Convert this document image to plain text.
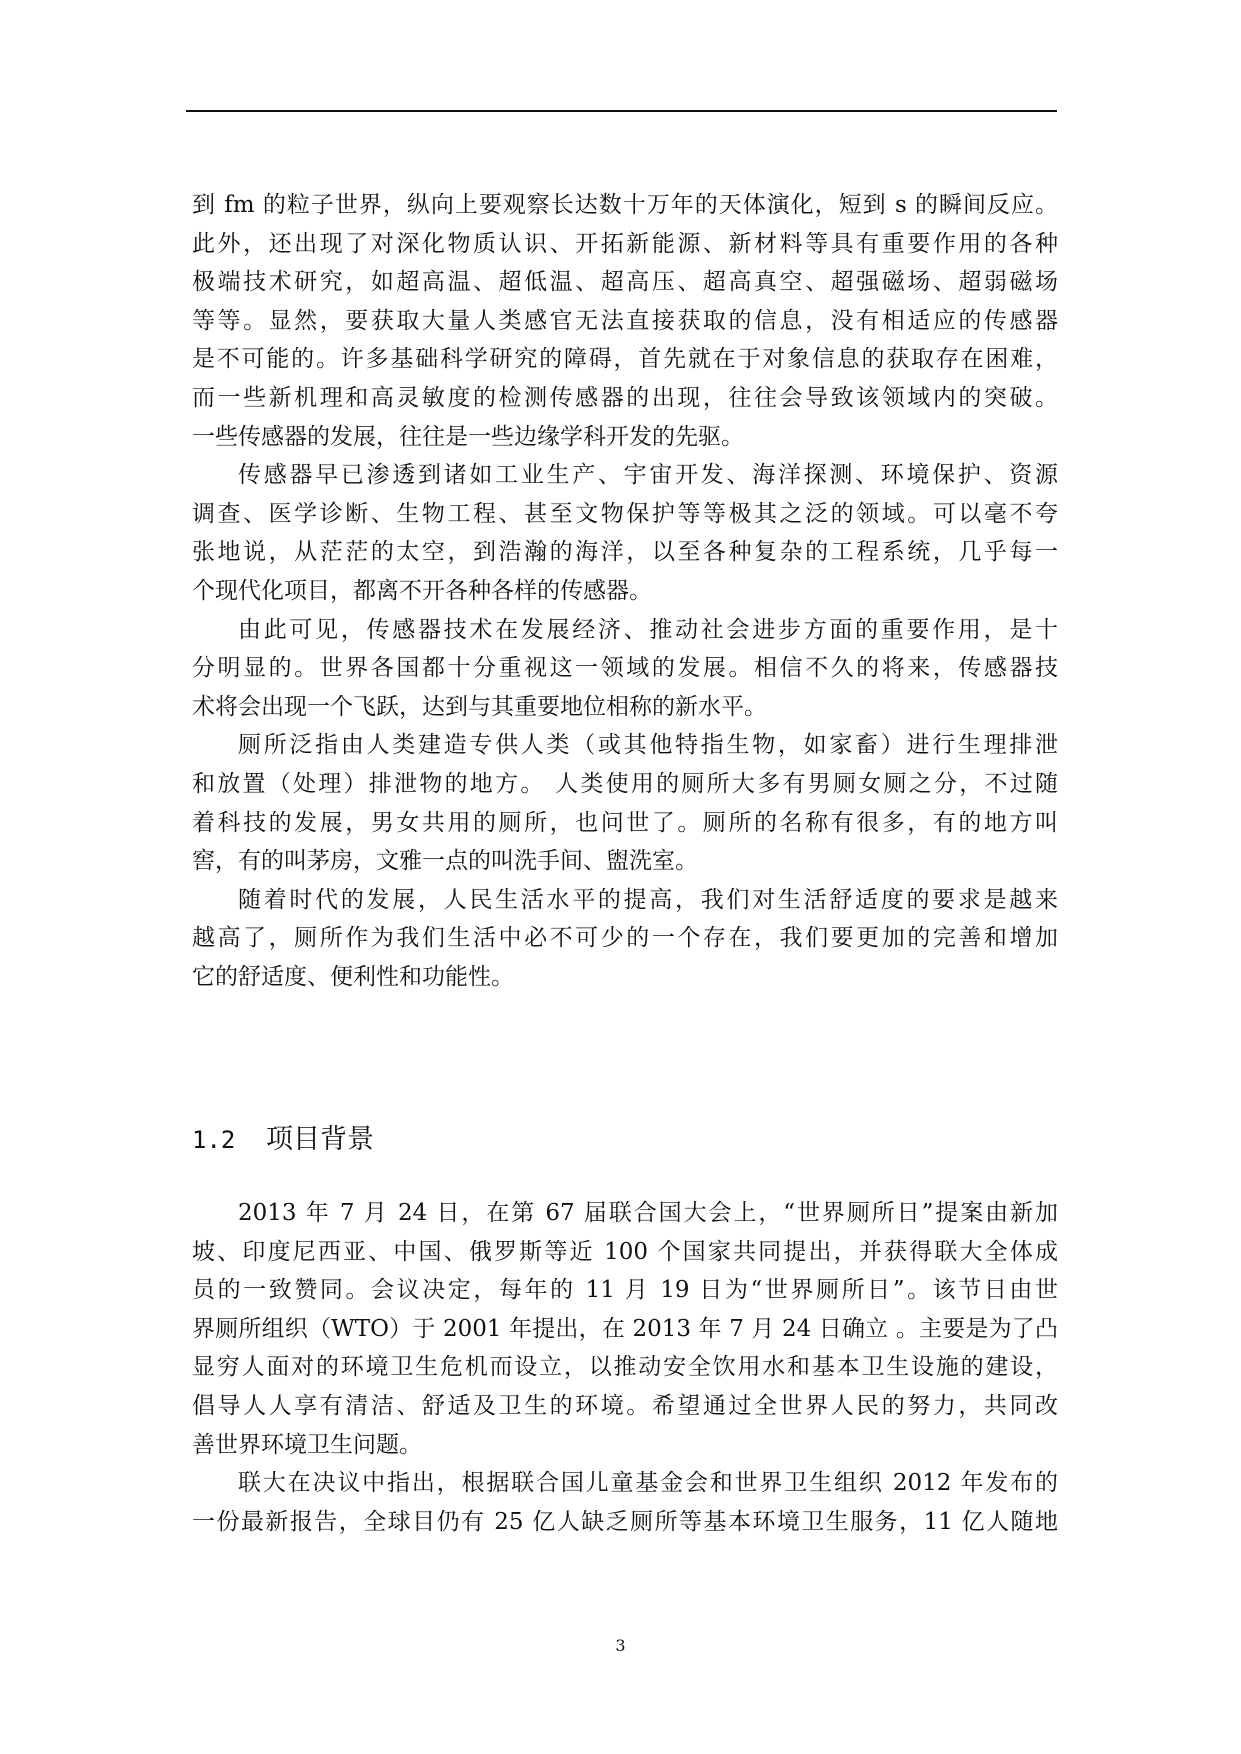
到 fm 的粒子世界，纵向上要观察长达数十万年的天体演化，短到 s 的瞬间反应。
此外，还出现了对深化物质认识、开拓新能源、新材料等具有重要作用的各种
极端技术研究，如超高温、超低温、超高压、超高真空、超强磁场、超弱磁场
等等。显然，要获取大量人类感官无法直接获取的信息，没有相适应的传感器
是不可能的。许多基础科学研究的障碍，首先就在于对象信息的获取存在困难，
而一些新机理和高灵敏度的检测传感器的出现，往往会导致该领域内的突破。
一些传感器的发展，往往是一些边缘学科开发的先驱。
传感器早已渗透到诸如工业生产、宇宙开发、海洋探测、环境保护、资源
调查、医学诊断、生物工程、甚至文物保护等等极其之泛的领域。可以毫不夸
张地说，从茫茫的太空，到浩瀚的海洋，以至各种复杂的工程系统，几乎每一
个现代化项目，都离不开各种各样的传感器。
由此可见，传感器技术在发展经济、推动社会进步方面的重要作用，是十
分明显的。世界各国都十分重视这一领域的发展。相信不久的将来，传感器技
术将会出现一个飞跃，达到与其重要地位相称的新水平。
厕所泛指由人类建造专供人类（或其他特指生物，如家畜）进行生理排泄
和放置（处理）排泄物的地方。 人类使用的厕所大多有男厕女厕之分，不过随
着科技的发展，男女共用的厕所，也问世了。厕所的名称有很多，有的地方叫
窖，有的叫茅房，文雅一点的叫洗手间、盥洗室。
随着时代的发展，人民生活水平的提高，我们对生活舒适度的要求是越来
越高了，厕所作为我们生活中必不可少的一个存在，我们要更加的完善和增加
它的舒适度、便利性和功能性。
1.2 项目背景
2013 年 7 月 24 日，在第 67 届联合国大会上，“世界厕所日”提案由新加
坡、印度尼西亚、中国、俄罗斯等近 100 个国家共同提出，并获得联大全体成
员的一致赞同。会议决定，每年的 11 月 19 日为“世界厕所日”。该节日由世
界厕所组织（WTO）于 2001 年提出，在 2013 年 7 月 24 日确立 。主要是为了凸
显穷人面对的环境卫生危机而设立，以推动安全饮用水和基本卫生设施的建设，
倡导人人享有清洁、舒适及卫生的环境。希望通过全世界人民的努力，共同改
善世界环境卫生问题。
联大在决议中指出，根据联合国儿童基金会和世界卫生组织 2012 年发布的
一份最新报告，全球目仍有 25 亿人缺乏厕所等基本环境卫生服务，11 亿人随地
3
